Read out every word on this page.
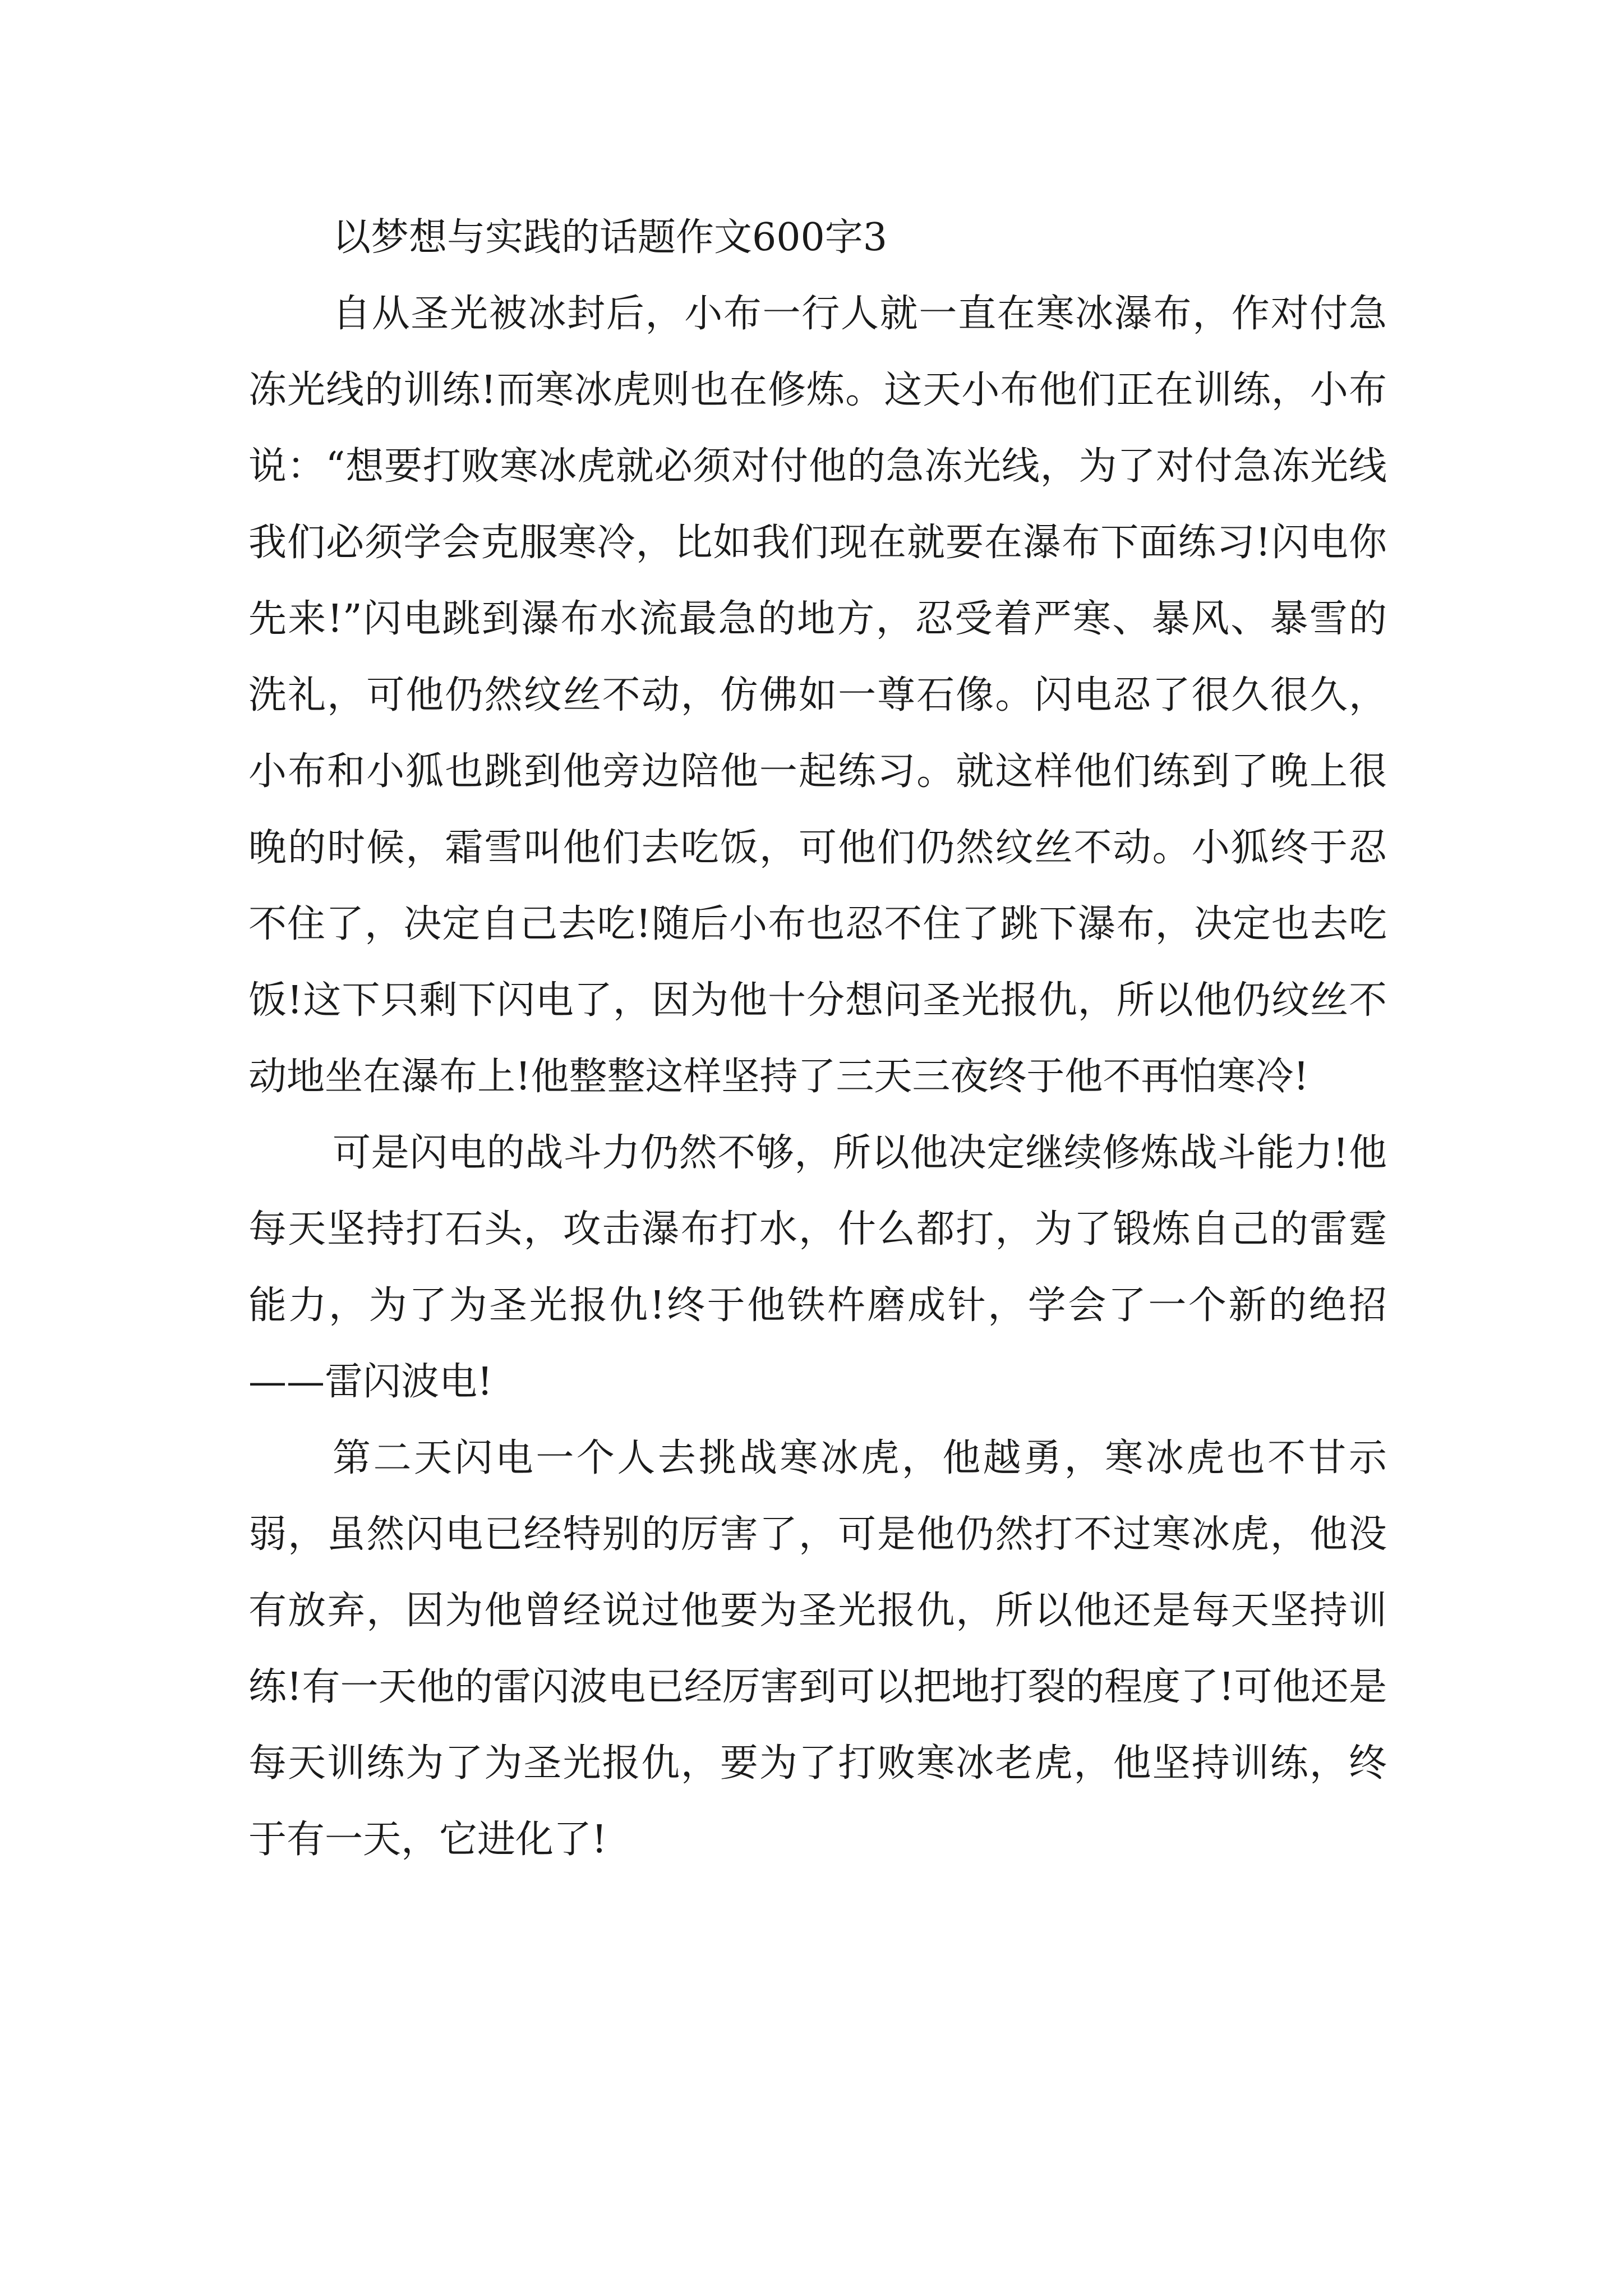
以梦想与实践的话题作文600字3

自从圣光被冰封后，小布一行人就一直在寒冰瀑布，作对付急冻光线的训练!而寒冰虎则也在修炼。这天小布他们正在训练，小布说：“想要打败寒冰虎就必须对付他的急冻光线，为了对付急冻光线我们必须学会克服寒冷，比如我们现在就要在瀑布下面练习!闪电你先来!”闪电跳到瀑布水流最急的地方，忍受着严寒、暴风、暴雪的洗礼，可他仍然纹丝不动，仿佛如一尊石像。闪电忍了很久很久，小布和小狐也跳到他旁边陪他一起练习。就这样他们练到了晚上很晚的时候，霜雪叫他们去吃饭，可他们仍然纹丝不动。小狐终于忍不住了，决定自己去吃!随后小布也忍不住了跳下瀑布，决定也去吃饭!这下只剩下闪电了，因为他十分想问圣光报仇，所以他仍纹丝不动地坐在瀑布上!他整整这样坚持了三天三夜终于他不再怕寒冷!

可是闪电的战斗力仍然不够，所以他决定继续修炼战斗能力!他每天坚持打石头，攻击瀑布打水，什么都打，为了锻炼自己的雷霆能力，为了为圣光报仇!终于他铁杵磨成针，学会了一个新的绝招——雷闪波电!

第二天闪电一个人去挑战寒冰虎，他越勇，寒冰虎也不甘示弱，虽然闪电已经特别的厉害了，可是他仍然打不过寒冰虎，他没有放弃，因为他曾经说过他要为圣光报仇，所以他还是每天坚持训练!有一天他的雷闪波电已经厉害到可以把地打裂的程度了!可他还是每天训练为了为圣光报仇，要为了打败寒冰老虎，他坚持训练，终于有一天，它进化了!
